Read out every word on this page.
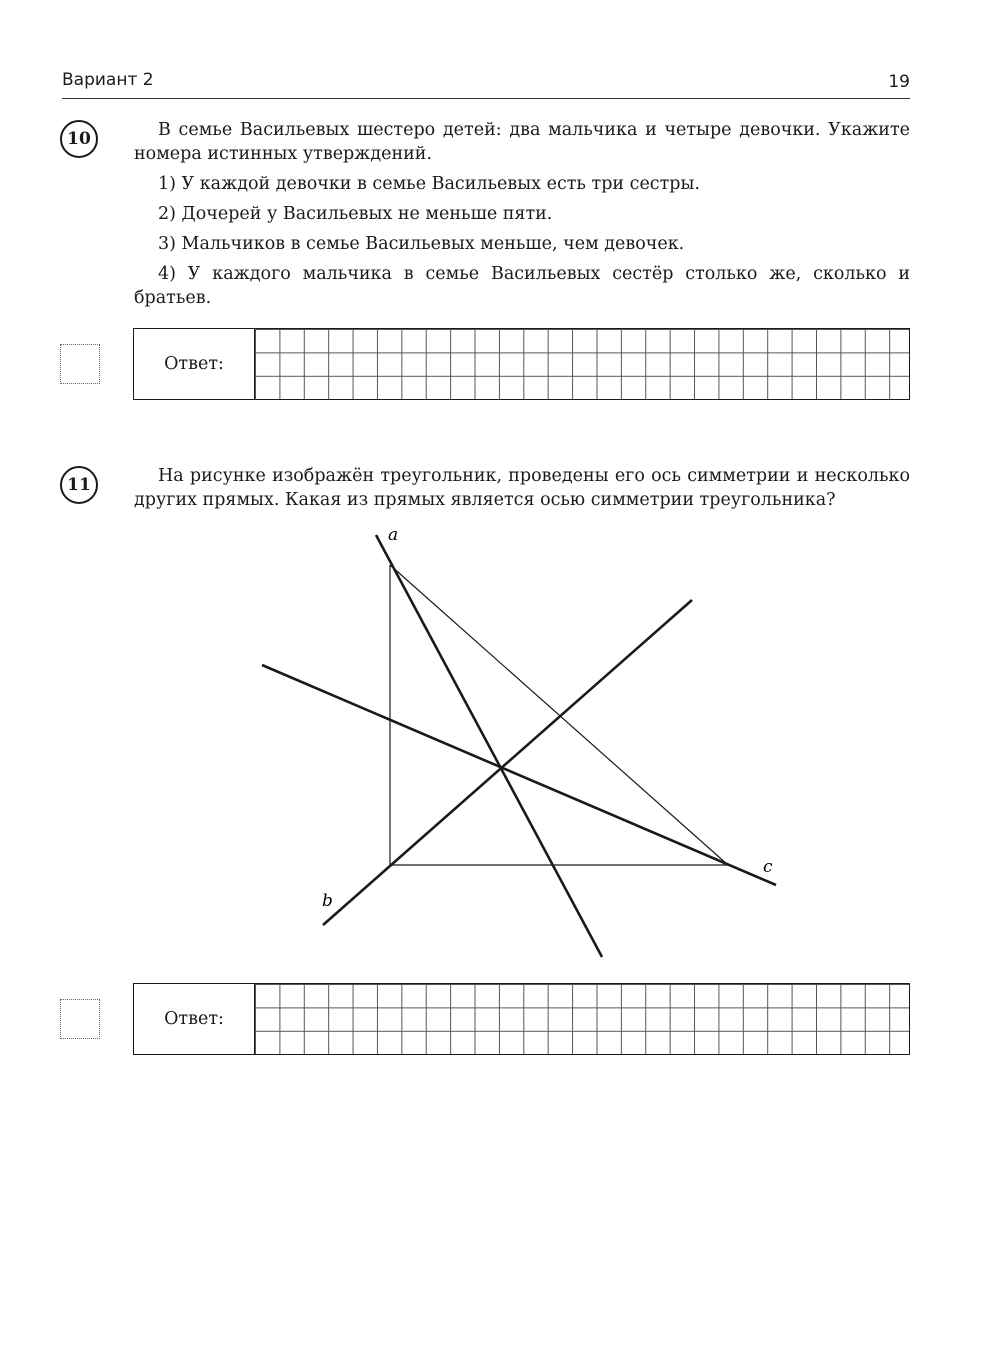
Вариант 2	19
10	В семье Васильевых шестеро детей: два мальчика и четыре девочки. Укажите номера истинных утверждений.

1) У каждой девочки в семье Васильевых есть три сестры.

2) Дочерей у Васильевых не меньше пяти.

3) Мальчиков в семье Васильевых меньше, чем девочек.

4) У каждого мальчика в семье Васильевых сестёр столько же, сколько и братьев.

Ответ:
11	На рисунке изображён треугольник, проведены его ось симметрии и несколько других прямых. Какая из прямых является осью симметрии треугольника?

a
b
c
Ответ:
